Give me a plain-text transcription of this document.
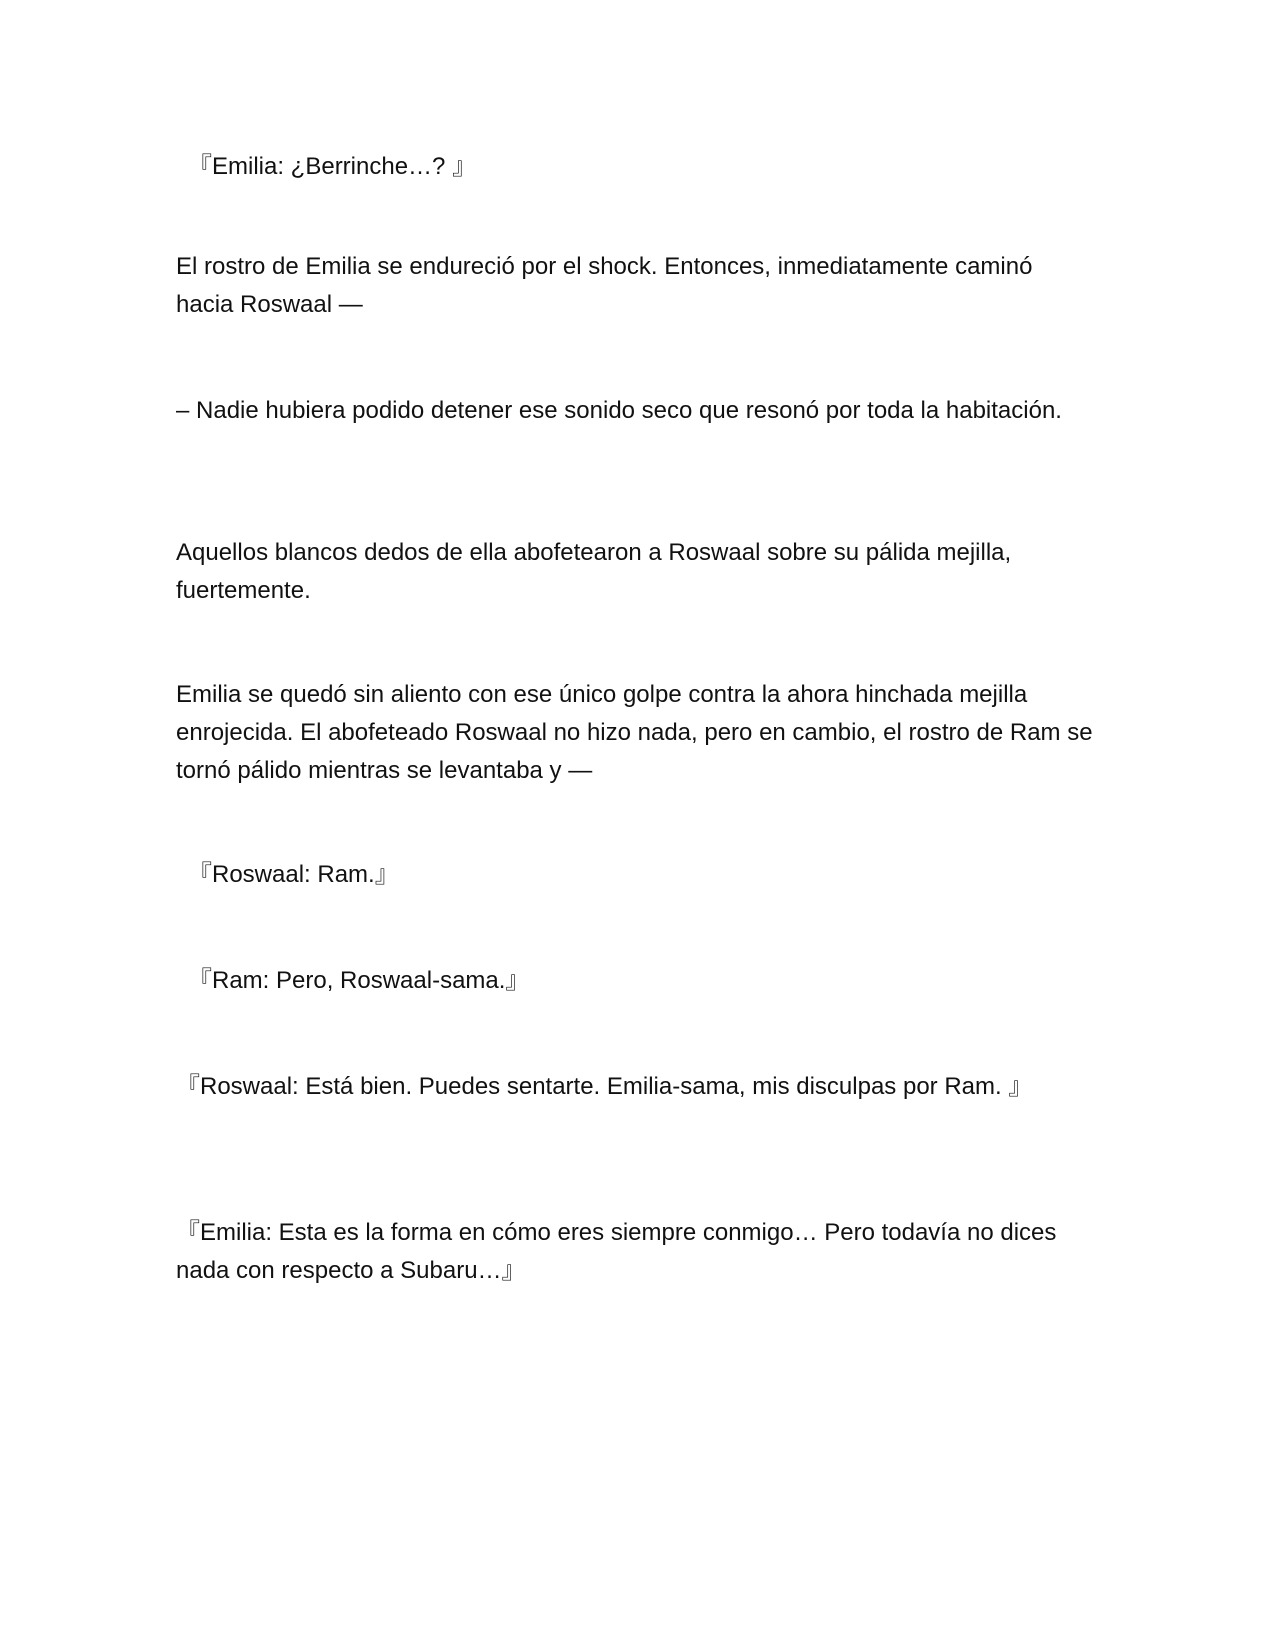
『Emilia: ¿Berrinche…? 』

El rostro de Emilia se endureció por el shock. Entonces, inmediatamente caminó hacia Roswaal —

– Nadie hubiera podido detener ese sonido seco que resonó por toda la habitación.

Aquellos blancos dedos de ella abofetearon a Roswaal sobre su pálida mejilla, fuertemente.

Emilia se quedó sin aliento con ese único golpe contra la ahora hinchada mejilla enrojecida. El abofeteado Roswaal no hizo nada, pero en cambio, el rostro de Ram se tornó pálido mientras se levantaba y —

『Roswaal: Ram.』

『Ram: Pero, Roswaal-sama.』

『Roswaal: Está bien. Puedes sentarte. Emilia-sama, mis disculpas por Ram. 』

『Emilia: Esta es la forma en cómo eres siempre conmigo… Pero todavía no dices nada con respecto a Subaru…』
